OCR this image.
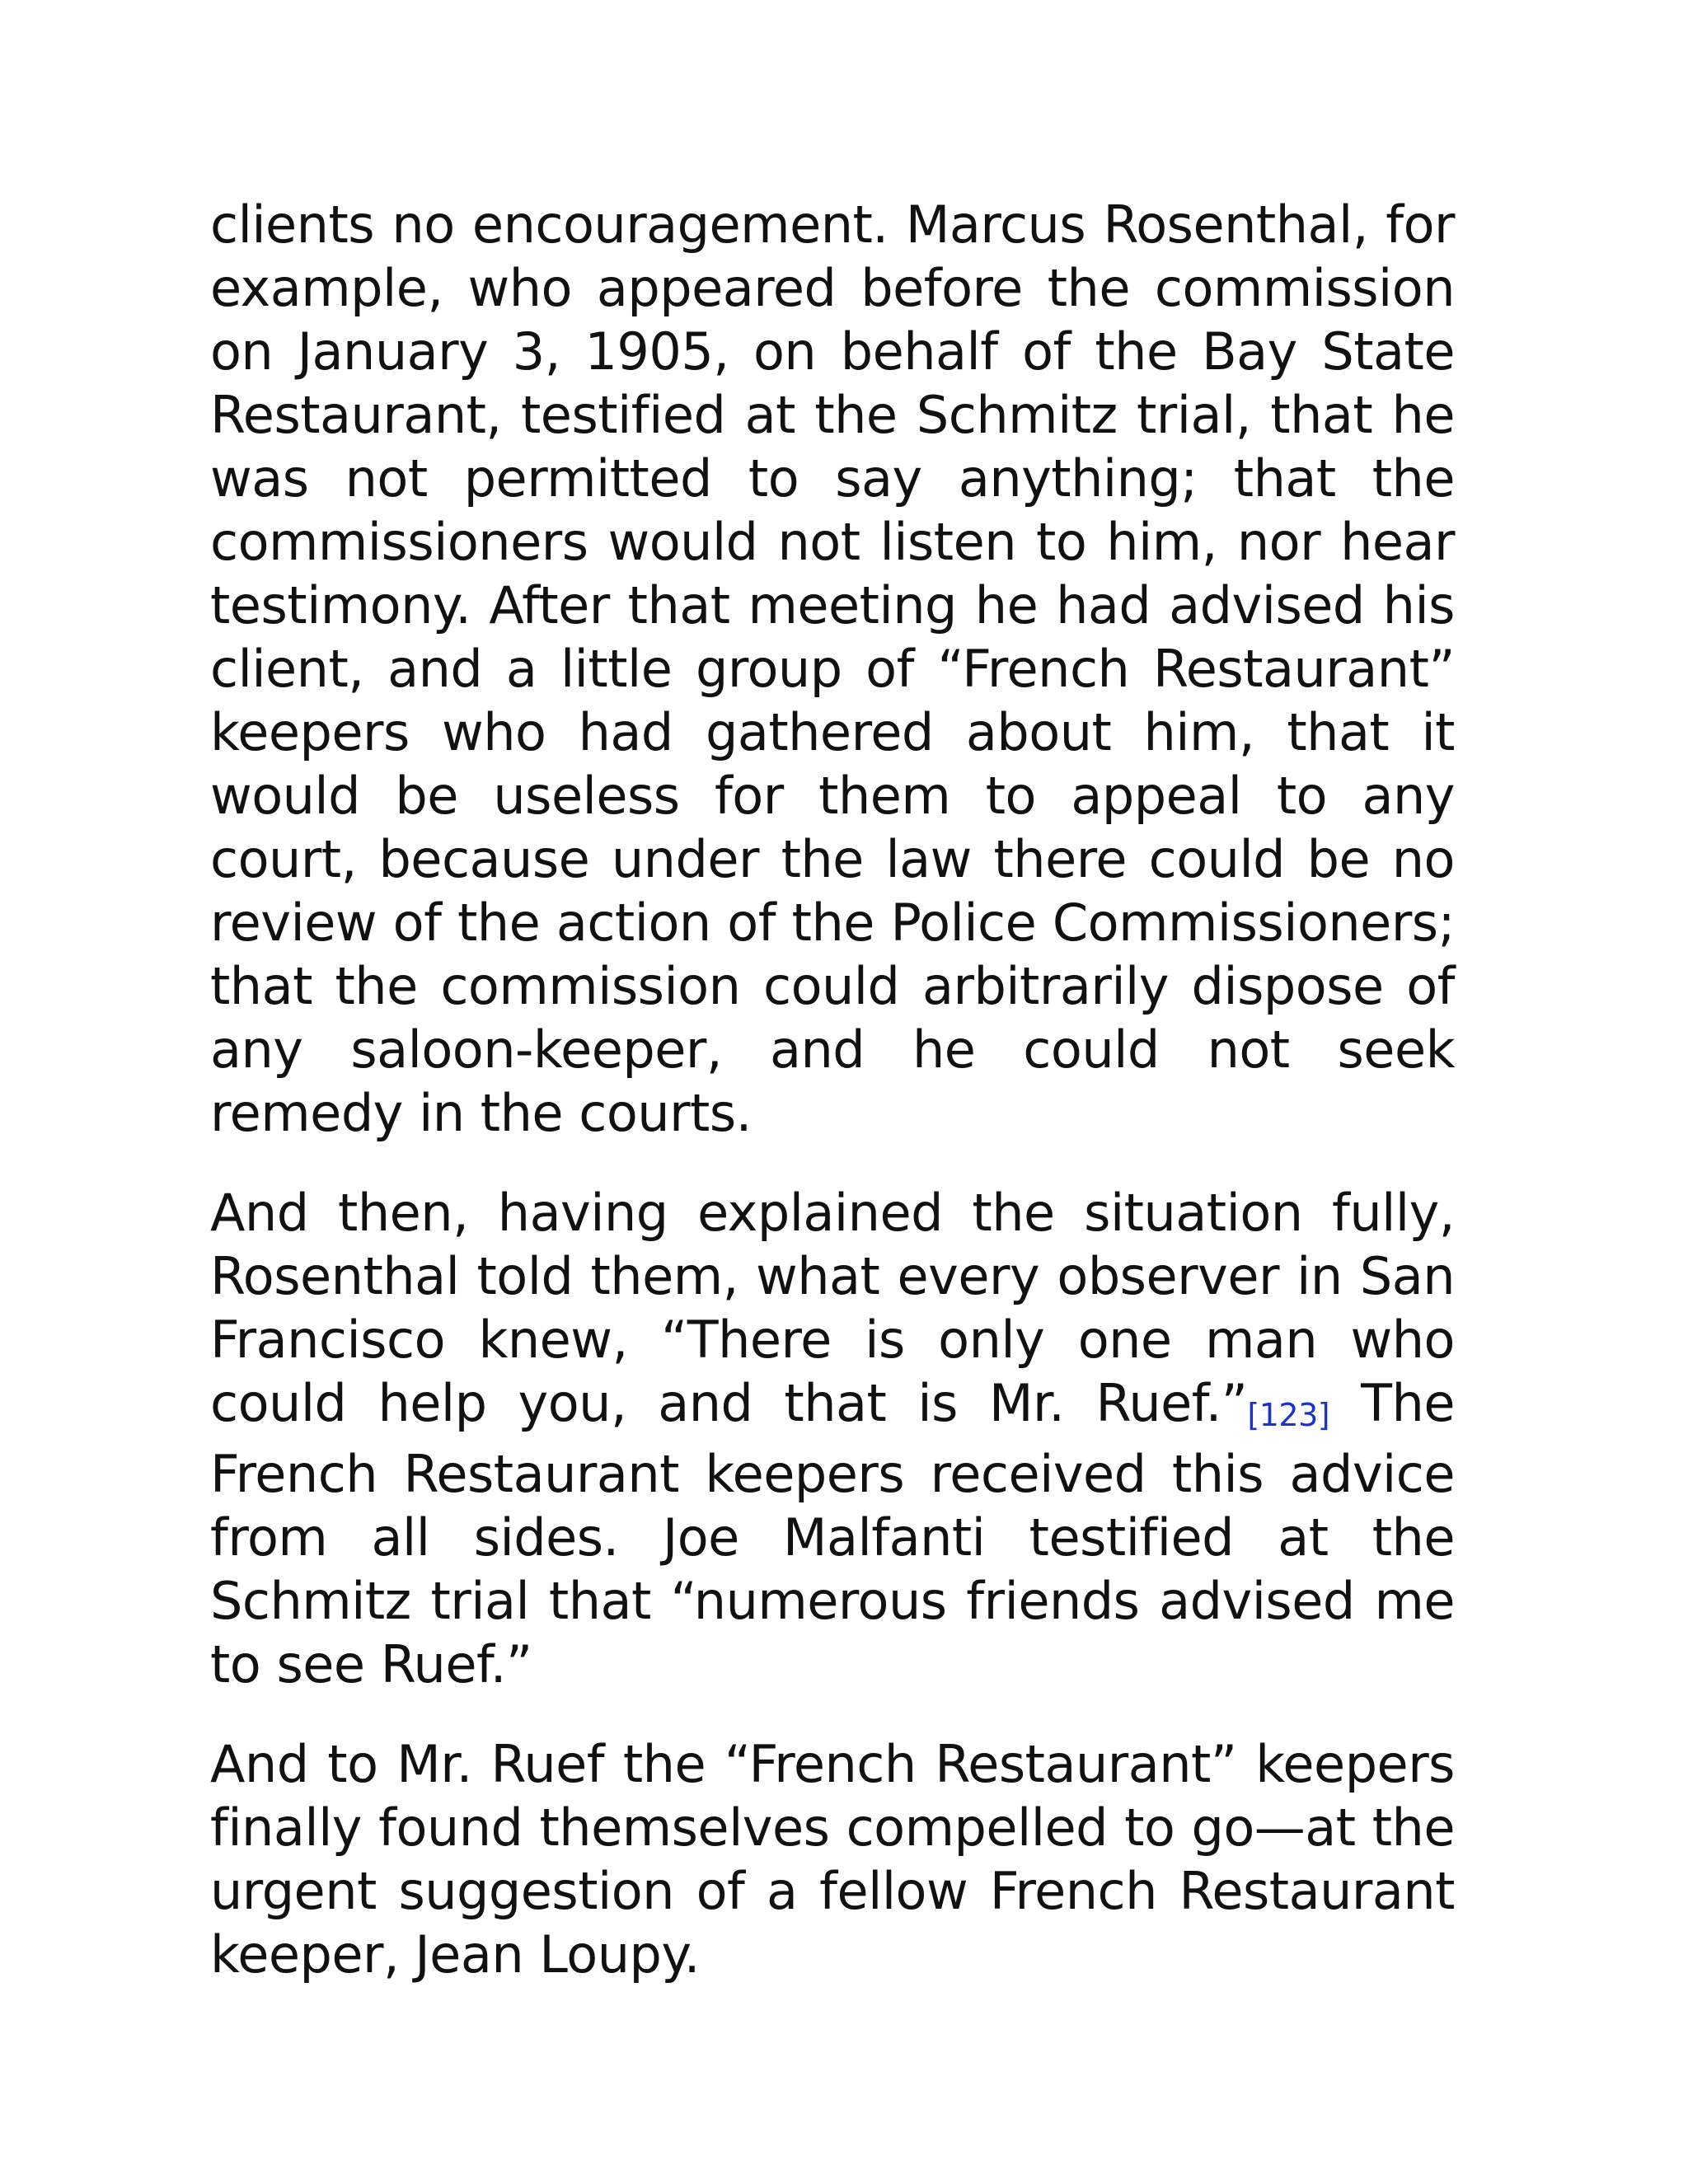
clients no encouragement. Marcus Rosenthal, for example, who appeared before the commission on January 3, 1905, on behalf of the Bay State Restaurant, testified at the Schmitz trial, that he was not permitted to say anything; that the commissioners would not listen to him, nor hear testimony. After that meeting he had advised his client, and a little group of “French Restaurant” keepers who had gathered about him, that it would be useless for them to appeal to any court, because under the law there could be no review of the action of the Police Commissioners; that the commission could arbitrarily dispose of any saloon-keeper, and he could not seek remedy in the courts.

And then, having explained the situation fully, Rosenthal told them, what every observer in San Francisco knew, “There is only one man who could help you, and that is Mr. Ruef.”[123] The French Restaurant keepers received this advice from all sides. Joe Malfanti testified at the Schmitz trial that “numerous friends advised me to see Ruef.”

And to Mr. Ruef the “French Restaurant” keepers finally found themselves compelled to go—at the urgent suggestion of a fellow French Restaurant keeper, Jean Loupy.
